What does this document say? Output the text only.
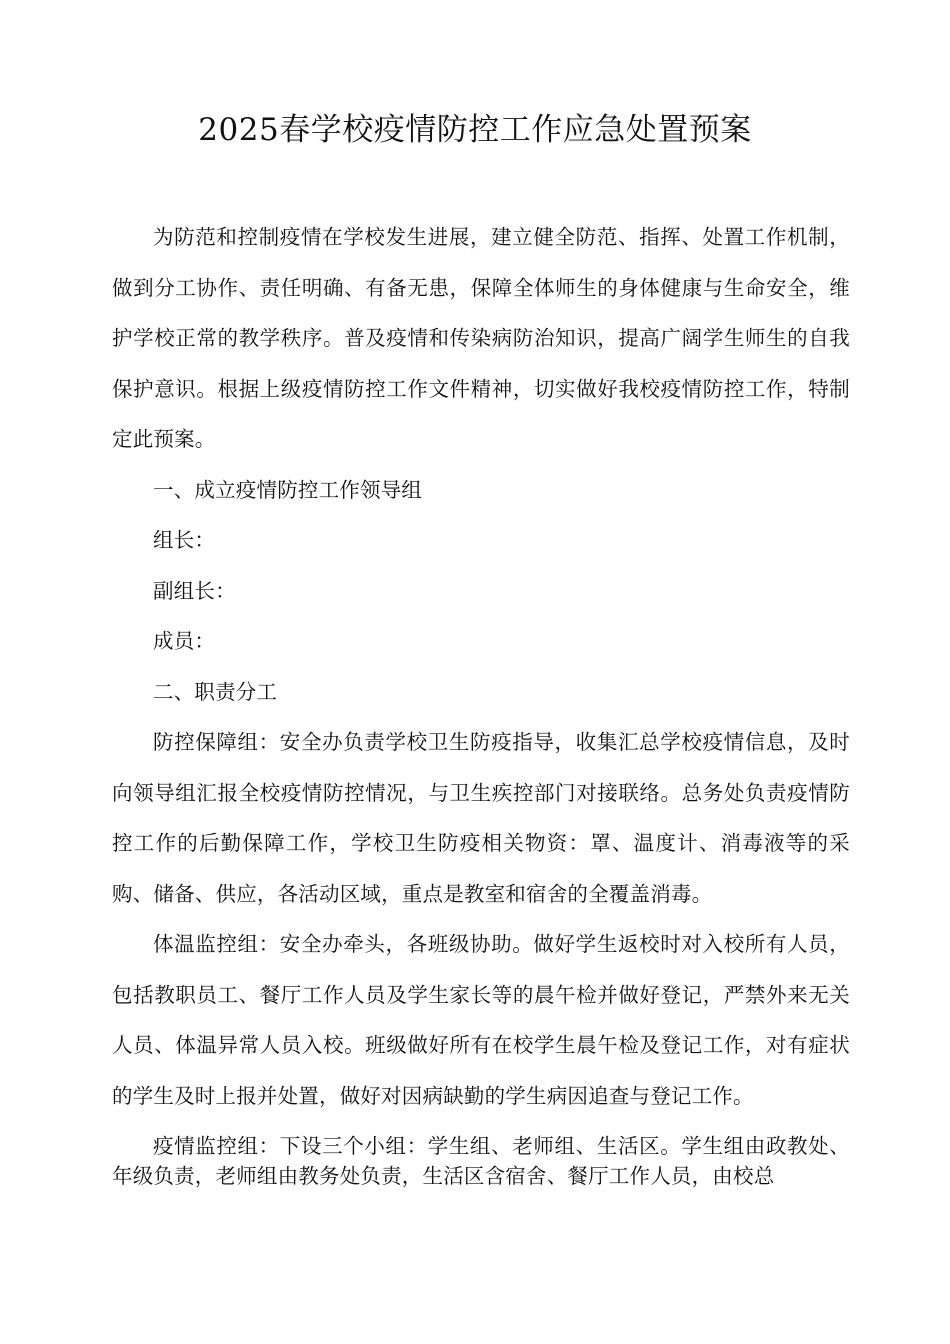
2025春学校疫情防控工作应急处置预案

为防范和控制疫情在学校发生进展，建立健全防范、指挥、处置工作机制，做到分工协作、责任明确、有备无患，保障全体师生的身体健康与生命安全，维护学校正常的教学秩序。普及疫情和传染病防治知识，提高广阔学生师生的自我保护意识。根据上级疫情防控工作文件精神，切实做好我校疫情防控工作，特制定此预案。

一、成立疫情防控工作领导组

组长：

副组长：

成员：

二、职责分工

防控保障组：安全办负责学校卫生防疫指导，收集汇总学校疫情信息，及时向领导组汇报全校疫情防控情况，与卫生疾控部门对接联络。总务处负责疫情防控工作的后勤保障工作，学校卫生防疫相关物资：罩、温度计、消毒液等的采购、储备、供应，各活动区域，重点是教室和宿舍的全覆盖消毒。

体温监控组：安全办牵头，各班级协助。做好学生返校时对入校所有人员，包括教职员工、餐厅工作人员及学生家长等的晨午检并做好登记，严禁外来无关人员、体温异常人员入校。班级做好所有在校学生晨午检及登记工作，对有症状的学生及时上报并处置，做好对因病缺勤的学生病因追查与登记工作。

疫情监控组：下设三个小组：学生组、老师组、生活区。学生组由政教处、年级负责，老师组由教务处负责，生活区含宿舍、餐厅工作人员，由校总
